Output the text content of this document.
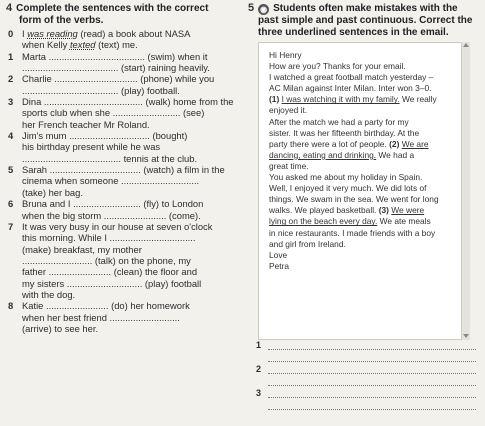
4 Complete the sentences with the correct
form of the verbs.
0 I was reading (read) a book about NASA
when Kelly texted (text) me.
1 Marta ..................................... (swim) when it
..................................... (start) raining heavily.
2 Charlie ................................ (phone) while you
..................................... (play) football.
3 Dina ...................................... (walk) home from the
sports club when she .......................... (see)
her French teacher Mr Roland.
4 Jim's mum ............................... (bought)
his birthday present while he was
...................................... tennis at the club.
5 Sarah ................................... (watch) a film in the
cinema when someone ..............................
(take) her bag.
6 Bruna and I .......................... (fly) to London
when the big storm ........................ (come).
7 It was very busy in our house at seven o'clock
this morning. While I .................................
(make) breakfast, my mother
........................... (talk) on the phone, my
father ........................ (clean) the floor and
my sisters ............................. (play) football
with the dog.
8 Katie ........................ (do) her homework
when her best friend ...........................
(arrive) to see her.
5 ◉ Students often make mistakes with the
past simple and past continuous. Correct the
three underlined sentences in the email.
Hi Henry
How are you? Thanks for your email.
I watched a great football match yesterday –
AC Milan against Inter Milan. Inter won 3–0.
(1) I was watching it with my family. We really
enjoyed it.
After the match we had a party for my
sister. It was her fifteenth birthday. At the
party there were a lot of people. (2) We are
dancing, eating and drinking. We had a
great time.
You asked me about my holiday in Spain.
Well, I enjoyed it very much. We did lots of
things. We swam in the sea. We went for long
walks. We played basketball. (3) We were
lying on the beach every day. We ate meals
in nice restaurants. I made friends with a boy
and girl from Ireland.
Love
Petra
1
2
3
